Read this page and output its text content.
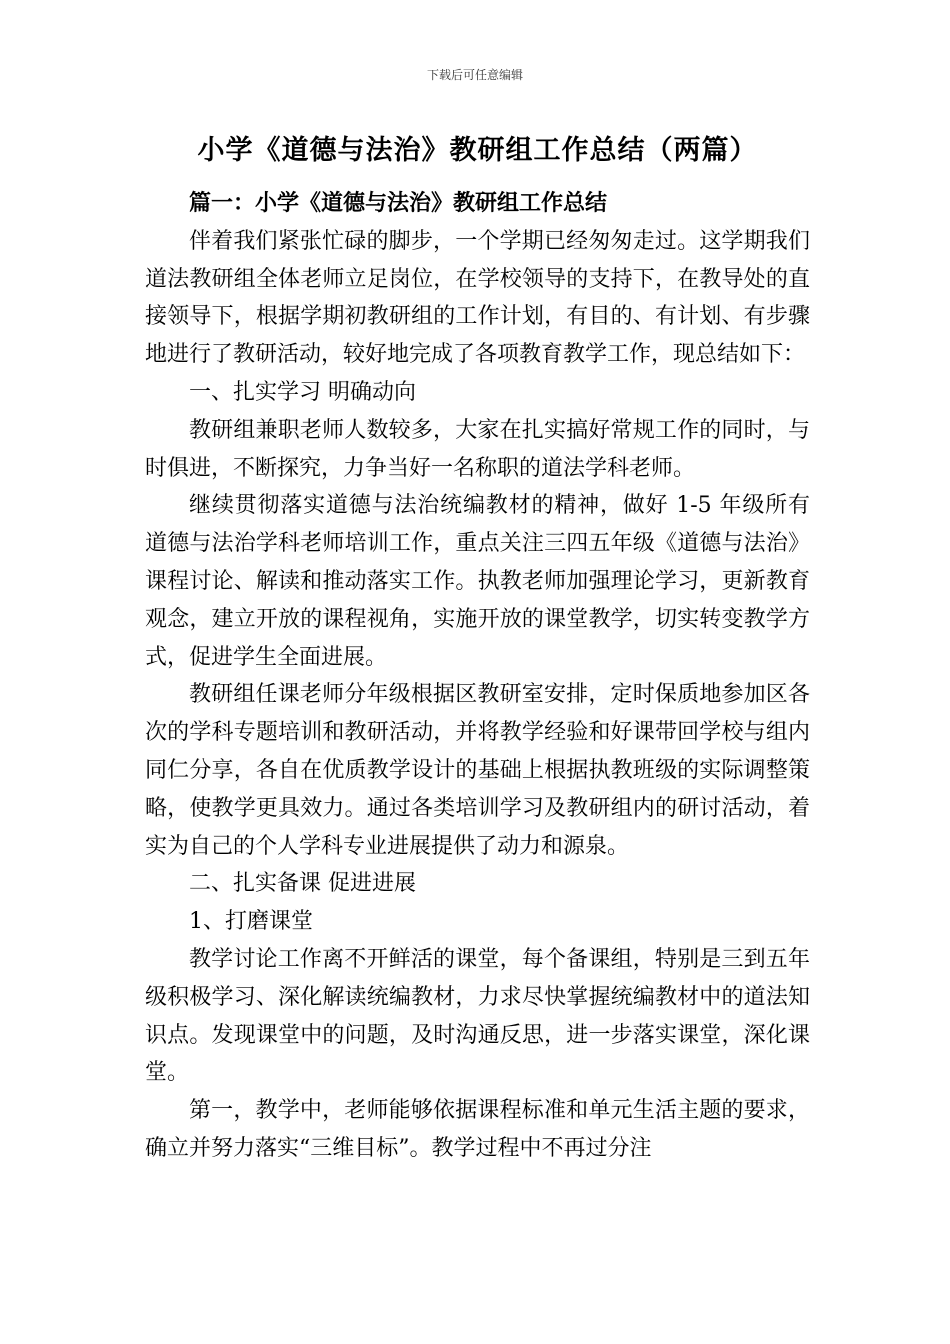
下载后可任意编辑
小学《道德与法治》教研组工作总结（两篇）

篇一：小学《道德与法治》教研组工作总结

伴着我们紧张忙碌的脚步，一个学期已经匆匆走过。这学期我们道法教研组全体老师立足岗位，在学校领导的支持下，在教导处的直接领导下，根据学期初教研组的工作计划，有目的、有计划、有步骤地进行了教研活动，较好地完成了各项教育教学工作，现总结如下：

一、扎实学习 明确动向

教研组兼职老师人数较多，大家在扎实搞好常规工作的同时，与时俱进，不断探究，力争当好一名称职的道法学科老师。

继续贯彻落实道德与法治统编教材的精神，做好 1-5 年级所有道德与法治学科老师培训工作，重点关注三四五年级《道德与法治》课程讨论、解读和推动落实工作。执教老师加强理论学习，更新教育观念，建立开放的课程视角，实施开放的课堂教学，切实转变教学方式，促进学生全面进展。

教研组任课老师分年级根据区教研室安排，定时保质地参加区各次的学科专题培训和教研活动，并将教学经验和好课带回学校与组内同仁分享，各自在优质教学设计的基础上根据执教班级的实际调整策略，使教学更具效力。通过各类培训学习及教研组内的研讨活动，着实为自己的个人学科专业进展提供了动力和源泉。

二、扎实备课 促进进展

1、打磨课堂

教学讨论工作离不开鲜活的课堂，每个备课组，特别是三到五年级积极学习、深化解读统编教材，力求尽快掌握统编教材中的道法知识点。发现课堂中的问题，及时沟通反思，进一步落实课堂，深化课堂。

第一，教学中，老师能够依据课程标准和单元生活主题的要求，确立并努力落实“三维目标”。教学过程中不再过分注
